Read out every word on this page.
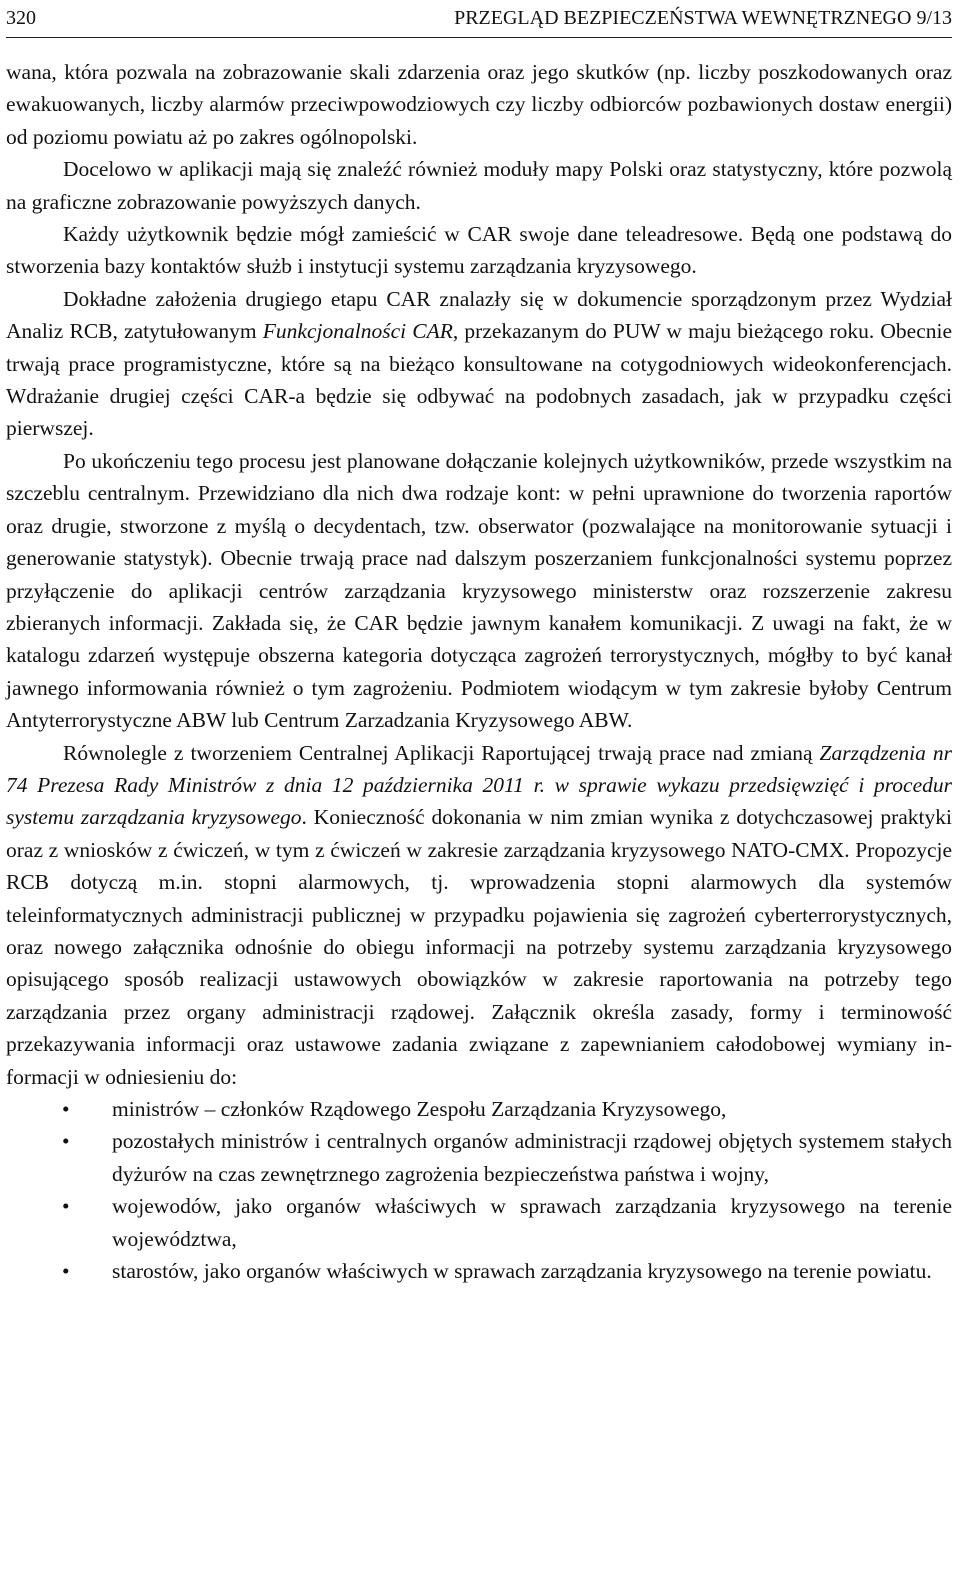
320	PRZEGLĄD BEZPIECZEŃSTWA WEWNĘTRZNEGO 9/13

wana, która pozwala na zobrazowanie skali zdarzenia oraz jego skutków (np. liczby poszkodowanych oraz ewakuowanych, liczby alarmów przeciwpowodziowych czy liczby odbiorców pozbawionych dostaw energii) od poziomu powiatu aż po zakres ogólnopolski.

Docelowo w aplikacji mają się znaleźć również moduły mapy Polski oraz statystyczny, które pozwolą na graficzne zobrazowanie powyższych danych.

Każdy użytkownik będzie mógł zamieścić w CAR swoje dane teleadresowe. Będą one podstawą do stworzenia bazy kontaktów służb i instytucji systemu zarządzania kryzysowego.

Dokładne założenia drugiego etapu CAR znalazły się w dokumencie sporządzonym przez Wydział Analiz RCB, zatytułowanym Funkcjonalności CAR, przekazanym do PUW w maju bieżącego roku. Obecnie trwają prace programistyczne, które są na bieżąco konsultowane na cotygodniowych wideokonferencjach. Wdrażanie drugiej części CAR-a będzie się odbywać na podobnych zasadach, jak w przypadku części pierwszej.

Po ukończeniu tego procesu jest planowane dołączanie kolejnych użytkowników, przede wszystkim na szczeblu centralnym. Przewidziano dla nich dwa rodzaje kont: w pełni uprawnione do tworzenia raportów oraz drugie, stworzone z myślą o decydentach, tzw. obserwator (pozwalające na monitorowanie sytuacji i generowanie statystyk). Obecnie trwają prace nad dalszym poszerzaniem funkcjonalności systemu poprzez przyłączenie do aplikacji centrów zarządzania kryzysowego ministerstw oraz rozszerzenie zakresu zbieranych informacji. Zakłada się, że CAR będzie jawnym kanałem komunikacji. Z uwagi na fakt, że w katalogu zdarzeń występuje obszerna kategoria dotycząca zagrożeń terrorystycznych, mógłby to być kanał jawnego informowania również o tym zagrożeniu. Podmiotem wiodącym w tym zakresie byłoby Centrum Antyterrorystyczne ABW lub Centrum Zarzadzania Kryzysowego ABW.

Równolegle z tworzeniem Centralnej Aplikacji Raportującej trwają prace nad zmianą Zarządzenia nr 74 Prezesa Rady Ministrów z dnia 12 października 2011 r. w sprawie wykazu przedsięwzięć i procedur systemu zarządzania kryzysowego. Konieczność dokonania w nim zmian wynika z dotychczasowej praktyki oraz z wniosków z ćwiczeń, w tym z ćwiczeń w zakresie zarządzania kryzysowego NATO-CMX. Propozycje RCB dotyczą m.in. stopni alarmowych, tj. wprowadzenia stopni alarmowych dla systemów teleinformatycznych administracji publicznej w przypadku pojawienia się zagrożeń cyberterrorystycznych, oraz nowego załącznika odnośnie do obiegu informacji na potrzeby systemu zarządzania kryzysowego opisującego sposób realizacji ustawowych obowiązków w zakresie raportowania na potrzeby tego zarządzania przez organy administracji rządowej. Załącznik określa zasady, formy i terminowość przekazywania informacji oraz ustawowe zadania związane z zapewnianiem całodobowej wymiany informacji w odniesieniu do:

• ministrów – członków Rządowego Zespołu Zarządzania Kryzysowego,
• pozostałych ministrów i centralnych organów administracji rządowej objętych systemem stałych dyżurów na czas zewnętrznego zagrożenia bezpieczeństwa państwa i wojny,
• wojewodów, jako organów właściwych w sprawach zarządzania kryzysowego na terenie województwa,
• starostów, jako organów właściwych w sprawach zarządzania kryzysowego na terenie powiatu.
